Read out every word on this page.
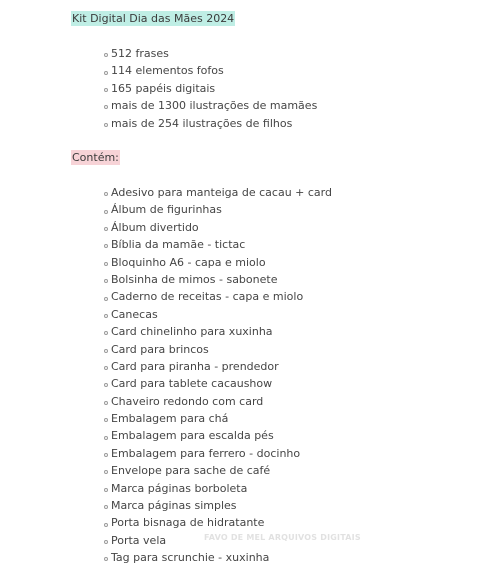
Kit Digital Dia das Mães 2024
512 frases
114 elementos fofos
165 papéis digitais
mais de 1300 ilustrações de mamães
mais de 254 ilustrações de filhos
Contém:
Adesivo para manteiga de cacau + card
Álbum de figurinhas
Álbum divertido
Bíblia da mamãe - tictac
Bloquinho A6 - capa e miolo
Bolsinha de mimos - sabonete
Caderno de receitas - capa e miolo
Canecas
Card chinelinho para xuxinha
Card para brincos
Card para piranha - prendedor
Card para tablete cacaushow
Chaveiro redondo com card
Embalagem para chá
Embalagem para escalda pés
Embalagem para ferrero - docinho
Envelope para sache de café
Marca páginas borboleta
Marca páginas simples
Porta bisnaga de hidratante
Porta vela
Tag para scrunchie - xuxinha
FAVO DE MEL ARQUIVOS DIGITAIS
